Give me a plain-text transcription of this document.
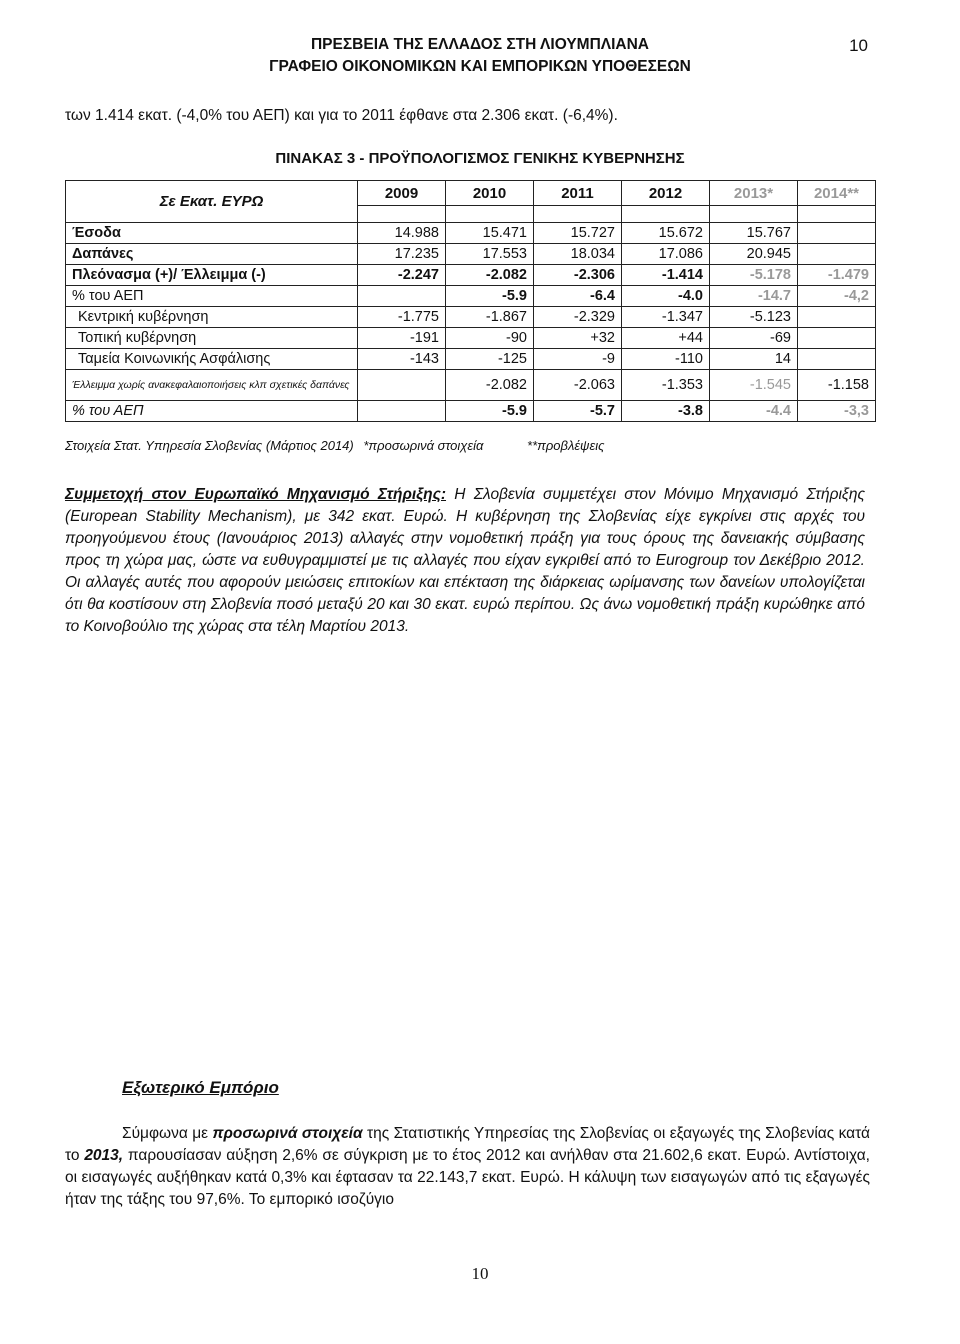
ΠΡΕΣΒΕΙΑ ΤΗΣ ΕΛΛΑΔΟΣ ΣΤΗ ΛΙΟΥΜΠΛΙΑΝΑ
ΓΡΑΦΕΙΟ ΟΙΚΟΝΟΜΙΚΩΝ ΚΑΙ ΕΜΠΟΡΙΚΩΝ ΥΠΟΘΕΣΕΩΝ
10
των 1.414 εκατ. (-4,0% του ΑΕΠ) και για το 2011 έφθανε στα 2.306 εκατ. (-6,4%).
ΠΙΝΑΚΑΣ 3 - ΠΡΟΫΠΟΛΟΓΙΣΜΟΣ ΓΕΝΙΚΗΣ ΚΥΒΕΡΝΗΣΗΣ
Σε Εκατ. ΕΥΡΩ	2009	2010	2011	2012	2013*	2014**

Έσοδα	14.988	15.471	15.727	15.672	15.767	
Δαπάνες	17.235	17.553	18.034	17.086	20.945	
Πλεόνασμα (+)/ Έλλειμμα (-)	-2.247	-2.082	-2.306	-1.414	-5.178	-1.479
% του ΑΕΠ		-5.9	-6.4	-4.0	-14.7	-4,2
Κεντρική κυβέρνηση	-1.775	-1.867	-2.329	-1.347	-5.123	
Τοπική κυβέρνηση	-191	-90	+32	+44	-69	
Ταμεία Κοινωνικής Ασφάλισης	-143	-125	-9	-110	14	
Έλλειμμα χωρίς ανακεφαλαιοποιήσεις κλπ σχετικές δαπάνες		-2.082	-2.063	-1.353	-1.545	-1.158
% του ΑΕΠ		-5.9	-5.7	-3.8	-4.4	-3,3
Στοιχεία Στατ. Υπηρεσία Σλοβενίας (Μάρτιος 2014) *προσωρινά στοιχεία	**προβλέψεις
Συμμετοχή στον Ευρωπαϊκό Μηχανισμό Στήριξης: Η Σλοβενία συμμετέχει στον Μόνιμο Μηχανισμό Στήριξης (European Stability Mechanism), με 342 εκατ. Ευρώ. Η κυβέρνηση της Σλοβενίας είχε εγκρίνει στις αρχές του προηγούμενου έτους (Ιανουάριος 2013) αλλαγές στην νομοθετική πράξη για τους όρους της δανειακής σύμβασης προς τη χώρα μας, ώστε να ευθυγραμμιστεί με τις αλλαγές που είχαν εγκριθεί από το Eurogroup τον Δεκέβριο 2012. Οι αλλαγές αυτές που αφορούν μειώσεις επιτοκίων και επέκταση της διάρκειας ωρίμανσης των δανείων υπολογίζεται ότι θα κοστίσουν στη Σλοβενία ποσό μεταξύ 20 και 30 εκατ. ευρώ περίπου. Ως άνω νομοθετική πράξη κυρώθηκε από το Κοινοβούλιο της χώρας στα τέλη Μαρτίου 2013.
Εξωτερικό Εμπόριο
Σύμφωνα με προσωρινά στοιχεία της Στατιστικής Υπηρεσίας της Σλοβενίας οι εξαγωγές της Σλοβενίας κατά το 2013, παρουσίασαν αύξηση 2,6% σε σύγκριση με το έτος 2012 και ανήλθαν στα 21.602,6 εκατ. Ευρώ. Αντίστοιχα, οι εισαγωγές αυξήθηκαν κατά 0,3% και έφτασαν τα 22.143,7 εκατ. Ευρώ. Η κάλυψη των εισαγωγών από τις εξαγωγές ήταν της τάξης του 97,6%. Το εμπορικό ισοζύγιο
10
